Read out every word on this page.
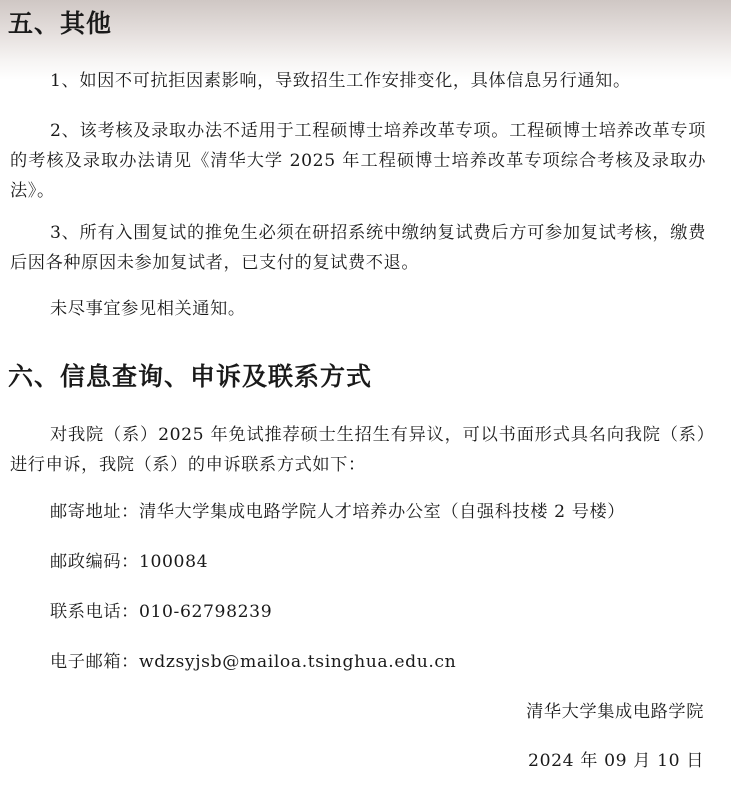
五、其他
1、如因不可抗拒因素影响，导致招生工作安排变化，具体信息另行通知。
2、该考核及录取办法不适用于工程硕博士培养改革专项。工程硕博士培养改革专项的考核及录取办法请见《清华大学 2025 年工程硕博士培养改革专项综合考核及录取办法》。
3、所有入围复试的推免生必须在研招系统中缴纳复试费后方可参加复试考核，缴费后因各种原因未参加复试者，已支付的复试费不退。
未尽事宜参见相关通知。
六、信息查询、申诉及联系方式
对我院（系）2025 年免试推荐硕士生招生有异议，可以书面形式具名向我院（系）进行申诉，我院（系）的申诉联系方式如下：
邮寄地址：清华大学集成电路学院人才培养办公室（自强科技楼 2 号楼）
邮政编码：100084
联系电话：010-62798239
电子邮箱：wdzsyjsb@mailoa.tsinghua.edu.cn
清华大学集成电路学院
2024 年 09 月 10 日
